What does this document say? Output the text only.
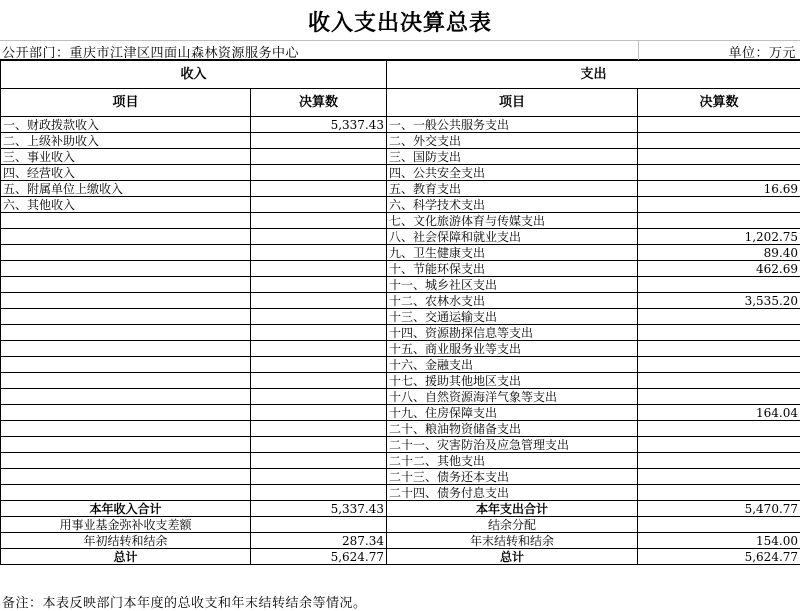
收入支出决算总表
公开部门：重庆市江津区四面山森林资源服务中心	单位：万元
收入		支出	
项目	决算数	项目	决算数
一、财政拨款收入	5,337.43	一、一般公共服务支出	
二、上级补助收入		二、外交支出	
三、事业收入		三、国防支出	
四、经营收入		四、公共安全支出	
五、附属单位上缴收入		五、教育支出	16.69
六、其他收入		六、科学技术支出	
		七、文化旅游体育与传媒支出	
		八、社会保障和就业支出	1,202.75
		九、卫生健康支出	89.40
		十、节能环保支出	462.69
		十一、城乡社区支出	
		十二、农林水支出	3,535.20
		十三、交通运输支出	
		十四、资源勘探信息等支出	
		十五、商业服务业等支出	
		十六、金融支出	
		十七、援助其他地区支出	
		十八、自然资源海洋气象等支出	
		十九、住房保障支出	164.04
		二十、粮油物资储备支出	
		二十一、灾害防治及应急管理支出	
		二十二、其他支出	
		二十三、债务还本支出	
		二十四、债务付息支出	
本年收入合计	5,337.43	本年支出合计	5,470.77
用事业基金弥补收支差额		结余分配	
年初结转和结余	287.34	年末结转和结余	154.00
总计	5,624.77	总计	5,624.77
备注：本表反映部门本年度的总收支和年末结转结余等情况。
